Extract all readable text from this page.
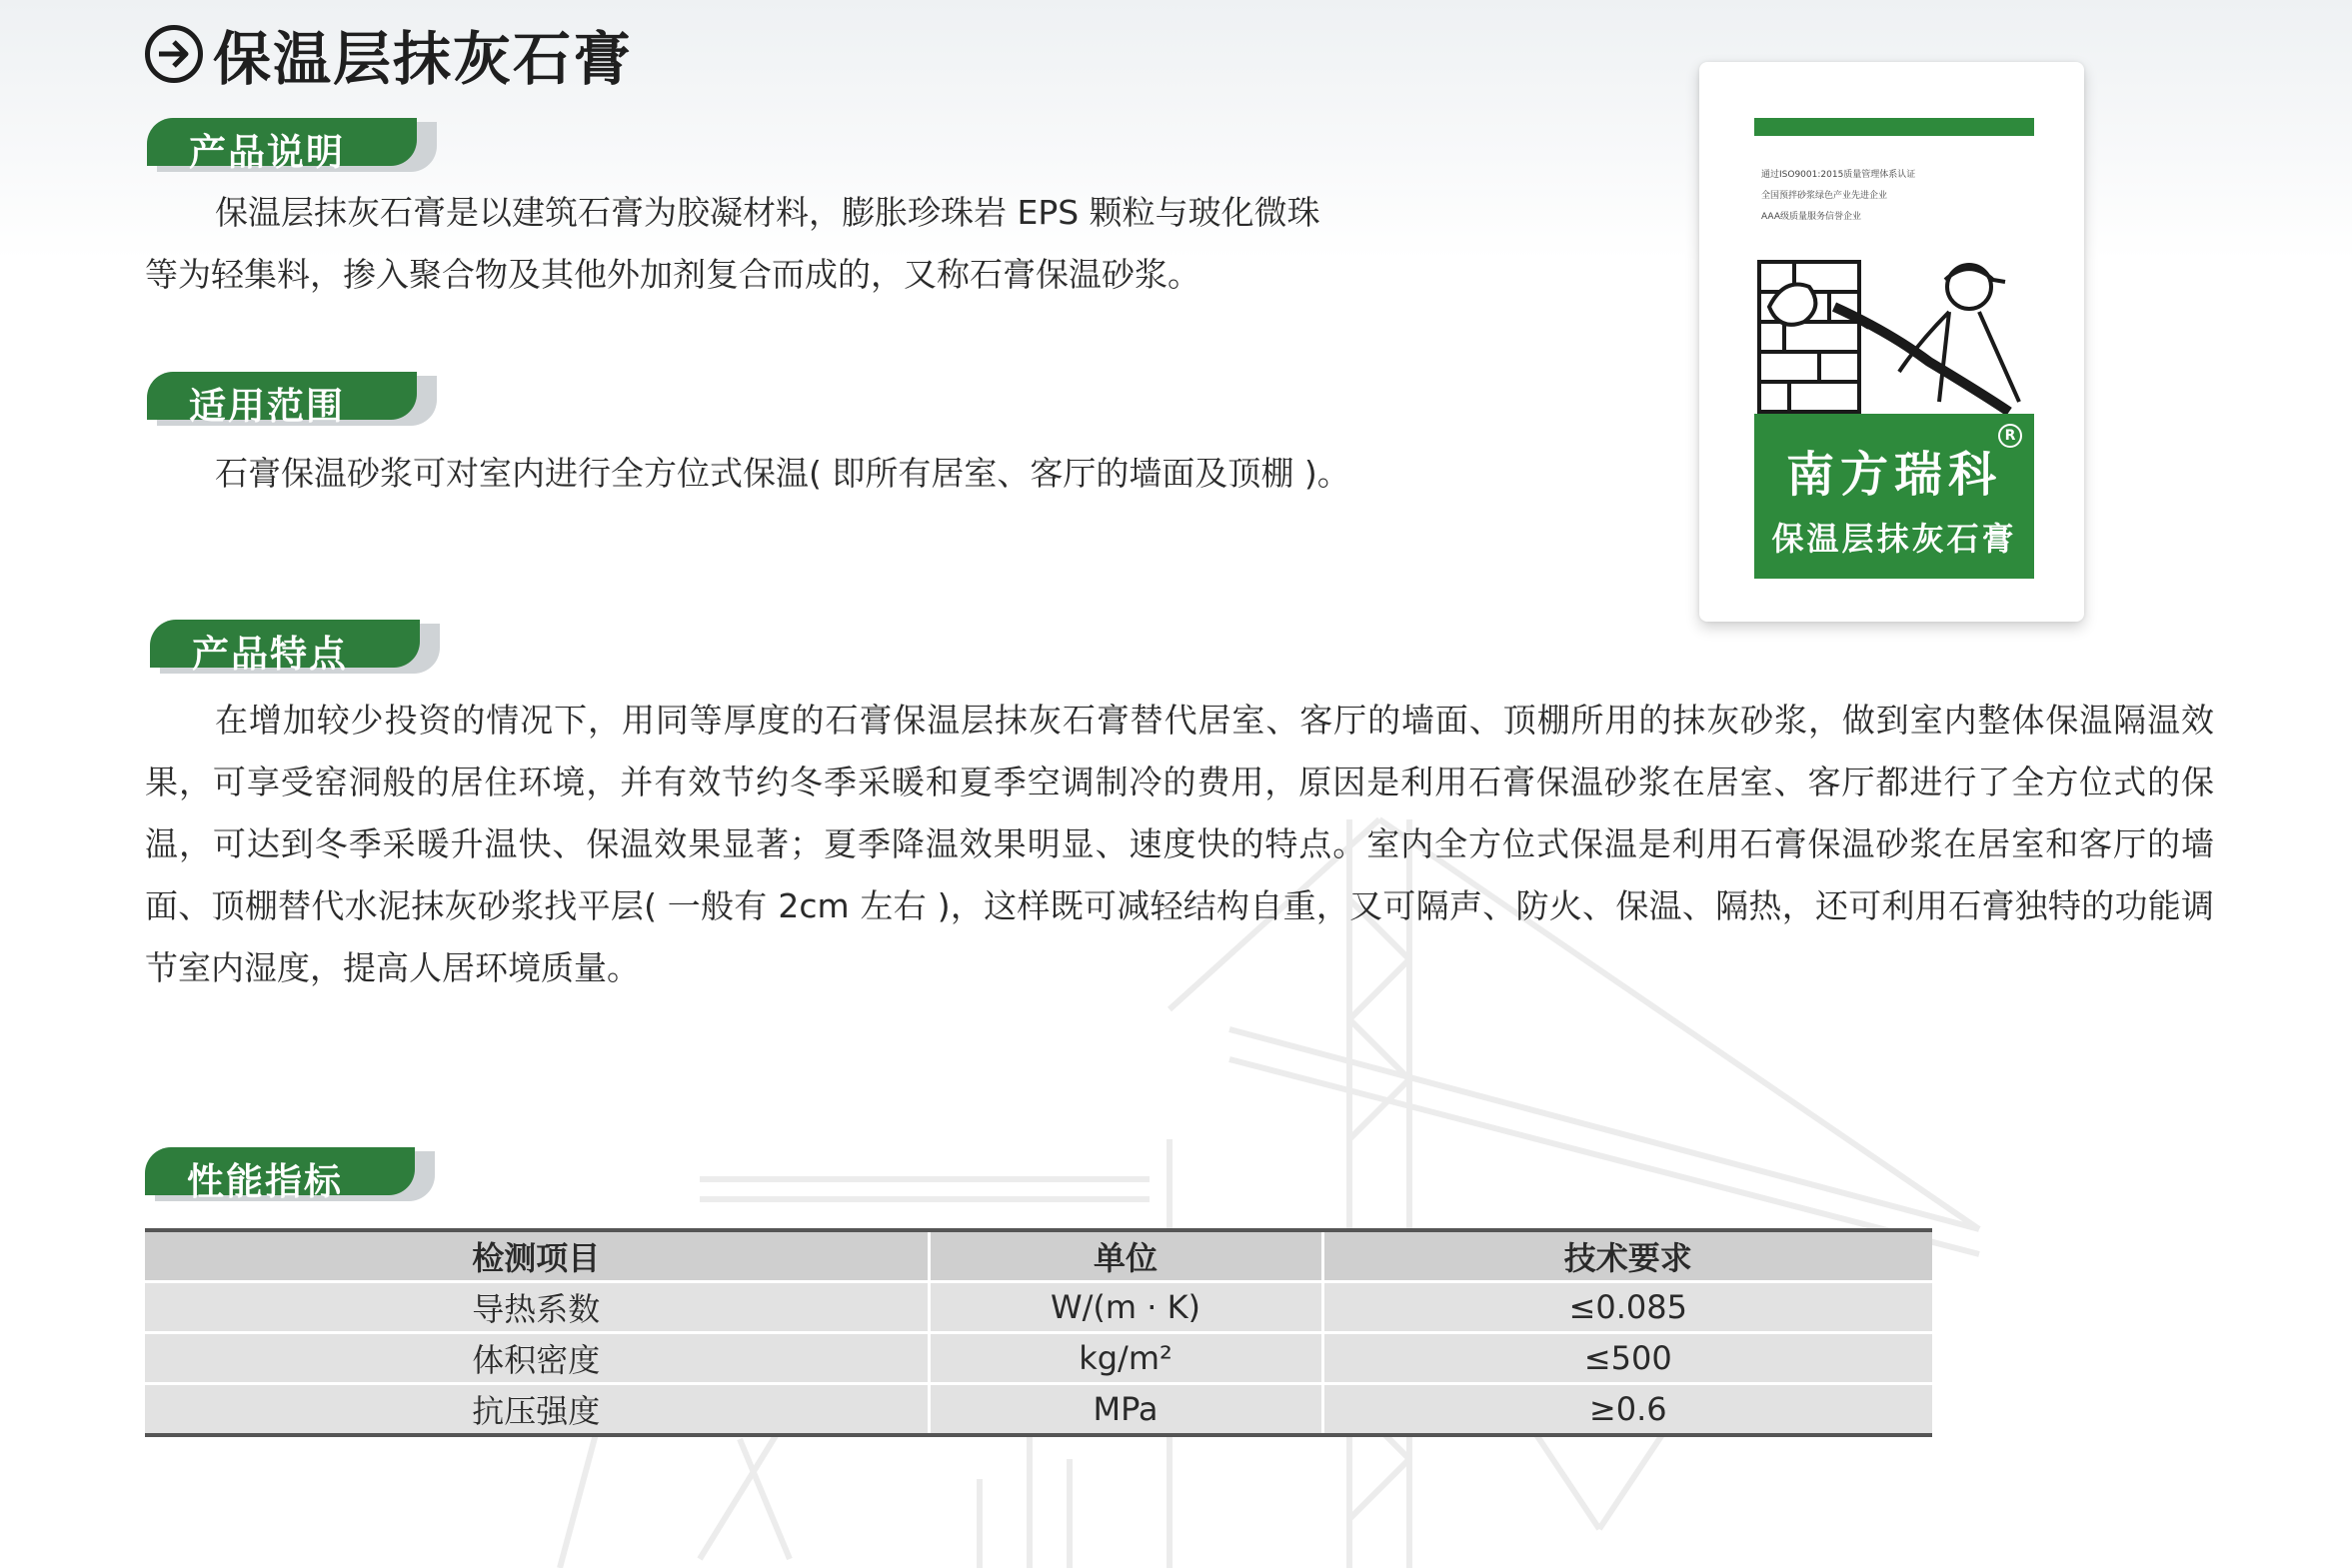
保温层抹灰石膏
产品说明
保温层抹灰石膏是以建筑石膏为胶凝材料，膨胀珍珠岩 EPS 颗粒与玻化微珠
等为轻集料，掺入聚合物及其他外加剂复合而成的，又称石膏保温砂浆。
适用范围
石膏保温砂浆可对室内进行全方位式保温( 即所有居室、客厅的墙面及顶棚 )。
产品特点
在增加较少投资的情况下，用同等厚度的石膏保温层抹灰石膏替代居室、客厅的墙面、顶棚所用的抹灰砂浆，做到室内整体保温隔温效果，可享受窑洞般的居住环境，并有效节约冬季采暖和夏季空调制冷的费用，原因是利用石膏保温砂浆在居室、客厅都进行了全方位式的保温，可达到冬季采暖升温快、保温效果显著；夏季降温效果明显、速度快的特点。室内全方位式保温是利用石膏保温砂浆在居室和客厅的墙面、顶棚替代水泥抹灰砂浆找平层( 一般有 2cm 左右 )，这样既可减轻结构自重，又可隔声、防火、保温、隔热，还可利用石膏独特的功能调节室内湿度，提高人居环境质量。
性能指标
检测项目	单位	技术要求
导热系数	W/(m · K)	≤0.085
体积密度	kg/m²	≤500
抗压强度	MPa	≥0.6
通过ISO9001:2015质量管理体系认证
全国预拌砂浆绿色产业先进企业
AAA级质量服务信誉企业
南方瑞科
R
保温层抹灰石膏
